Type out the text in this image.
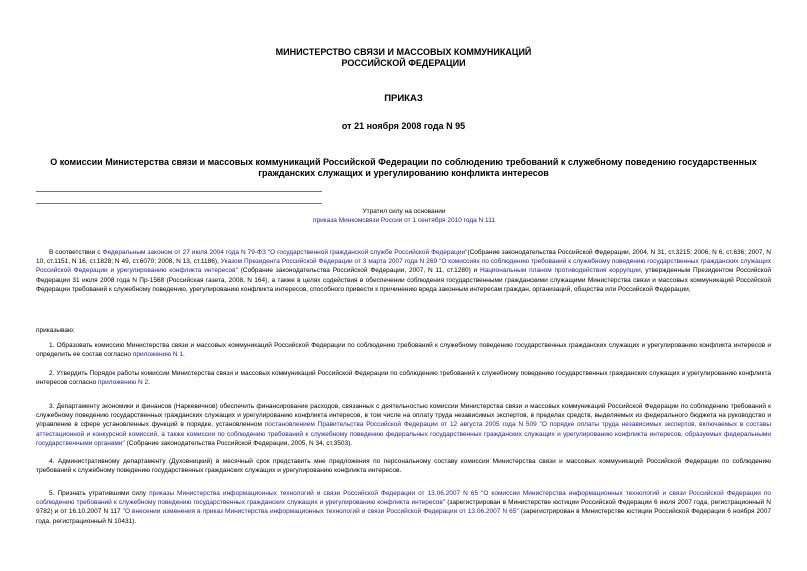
МИНИСТЕРСТВО СВЯЗИ И МАССОВЫХ КОММУНИКАЦИЙ
РОССИЙСКОЙ ФЕДЕРАЦИИ
ПРИКАЗ
от 21 ноября 2008 года N 95
О комиссии Министерства связи и массовых коммуникаций Российской Федерации по соблюдению требований к служебному поведению государственных гражданских служащих и урегулированию конфликта интересов
Утратил силу на основании
приказа Минкомсвязи России от 1 сентября 2010 года N 111
В соответствии с Федеральным законом от 27 июля 2004 года N 79-ФЗ "О государственной гражданской службе Российской Федерации"(Собрание законодательства Российской Федерации, 2004, N 31, ст.3215; 2006, N 6, ст.636; 2007, N 10, ст.1151, N 16, ст.1828; N 49, ст.6070; 2008, N 13, ст.1186), Указом Президента Российской Федерации от 3 марта 2007 года N 269 "О комиссиях по соблюдению требований к служебному поведению государственных гражданских служащих Российской Федерации и урегулированию конфликта интересов" (Собрание законодательства Российской Федерации, 2007, N 11, ст.1280) и Национальным планом противодействия коррупции, утвержденным Президентом Российской Федерации 31 июля 2008 года N Пр-1568 (Российская газета, 2008, N 164), а также в целях содействия в обеспечении соблюдения государственными гражданскими служащими Министерства связи и массовых коммуникаций Российской Федерации требований к служебному поведению, урегулированию конфликта интересов, способного привести к причинению вреда законным интересам граждан, организаций, общества или Российской Федерации,
приказываю:
1. Образовать комиссию Министерства связи и массовых коммуникаций Российской Федерации по соблюдению требований к служебному поведению государственных гражданских служащих и урегулированию конфликта интересов и определить ее состав согласно приложению N 1.
2. Утвердить Порядок работы комиссии Министерства связи и массовых коммуникаций Российской Федерации по соблюдению требований к служебному поведению государственных гражданских служащих и урегулированию конфликта интересов согласно приложению N 2.
3. Департаменту экономики и финансов (Наркевичнов) обеспечить финансирование расходов, связанных с деятельностью комиссии Министерства связи и массовых коммуникаций Российской Федерации по соблюдению требований к служебному поведению государственных гражданских служащих и урегулированию конфликта интересов, в том числе на оплату труда независимых экспертов, в пределах средств, выделяемых из федерального бюджета на руководство и управление в сфере установленных функций в порядке, установленном постановлением Правительства Российской Федерации от 12 августа 2005 года N 509 "О порядке оплаты труда независимых экспертов, включаемых в составы аттестационной и конкурсной комиссий, а также комиссии по соблюдению требований к служебному поведению федеральных государственных гражданских служащих и урегулированию конфликта интересов, образуемых федеральными государственными органами" (Собрание законодательства Российской Федерации, 2005, N 34, ст.3503).
4. Административному департаменту (Духовницкий) в месячный срок представить мне предложения по персональному составу комиссии Министерства связи и массовых коммуникаций Российской Федерации по соблюдению требований к служебному поведению государственных гражданских служащих и урегулированию конфликта интересов.
5. Признать утратившими силу приказы Министерства информационных технологий и связи Российской Федерации от 13.06.2007 N 65 "О комиссии Министерства информационных технологий и связи Российской Федерации по соблюдению требований к служебному поведению государственных гражданских служащих и урегулированию конфликта интересов" (зарегистрирован в Министерстве юстиции Российской Федерации 6 июля 2007 года, регистрационный N 9782) и от 16.10.2007 N 117 "О внесении изменения в приказ Министерства информационных технологий и связи Российской Федерации от 13.06.2007 N 65" (зарегистрирован в Министерстве юстиции Российской Федерации 6 ноября 2007 года, регистрационный N 10431).
